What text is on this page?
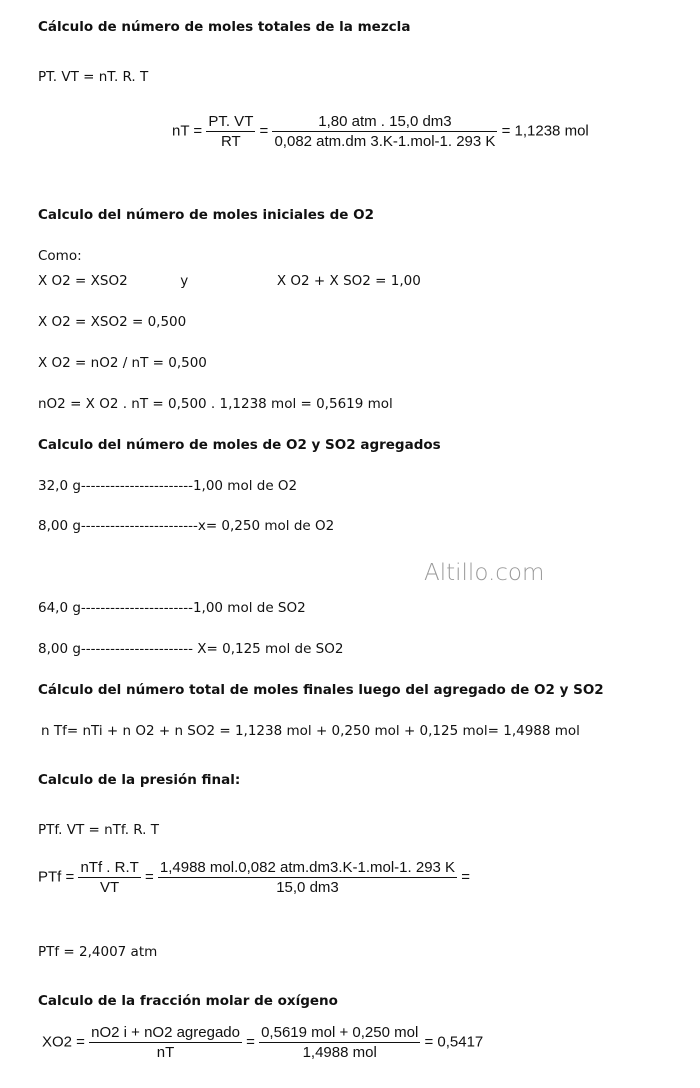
Cálculo de número de moles totales de la mezcla
PT. VT = nT. R. T
nT = $\frac{PT. VT}{RT} = \frac{\text{1,80 atm . 15,0 dm3}}{\text{0,082 atm.dm 3.K-1.mol-1. 293 K}} = 1,1238$ mol
Calculo del número de moles iniciales de O2
Como:
X O2 = XSO2	y	X O2 + X SO2 = 1,00
X O2 = XSO2 = 0,500
X O2 = nO2 / nT = 0,500
nO2 = X O2 . nT = 0,500 . 1,1238 mol = 0,5619 mol
Calculo del número de moles de O2 y SO2 agregados
32,0 g-----------------------1,00 mol de O2
8,00 g------------------------x= 0,250 mol de O2
Altillo.com
64,0 g-----------------------1,00 mol de SO2
8,00 g----------------------- X= 0,125 mol de SO2
Cálculo del número total de moles finales luego del agregado de O2 y SO2
n Tf= nTi + n O2 + n SO2 = 1,1238 mol + 0,250 mol + 0,125 mol= 1,4988 mol
Calculo de la presión final:
PTf. VT = nTf. R. T
PTf = $\frac{\text{nTf . R.T}}{VT} = \frac{\text{1,4988 mol.0,082 atm.dm3.K-1.mol-1. 293 K}}{15,0 dm3}$ =
PTf = 2,4007 atm
Calculo de la fracción molar de oxígeno
$XO2 = \frac{\text{nO2 i + nO2 agregado}}{nT} = \frac{\text{0,5619 mol + 0,250 mol}}{\text{1,4988 mol}} = 0,5417$
